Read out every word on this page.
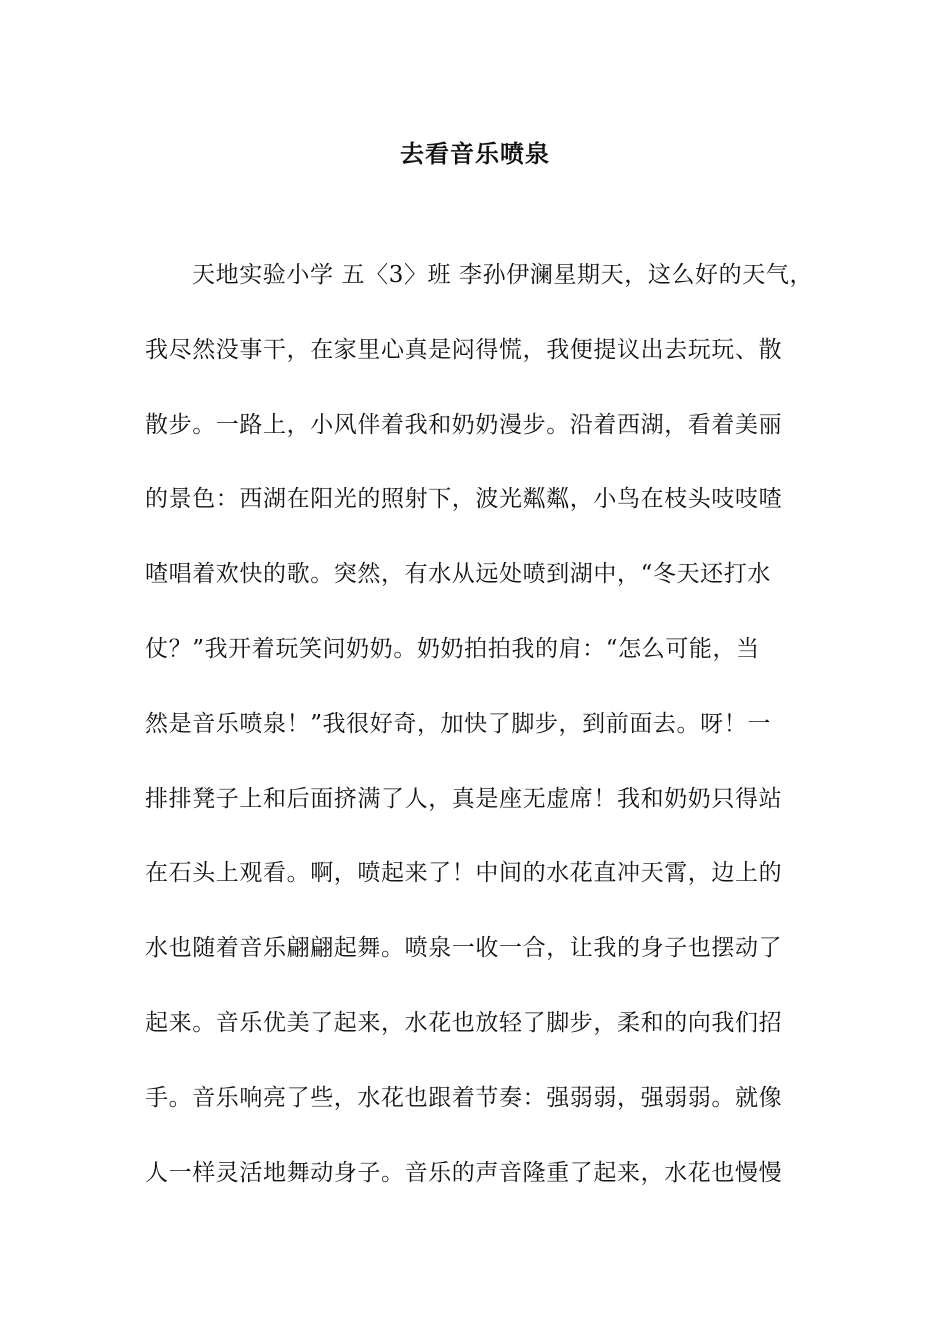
去看音乐喷泉
天地实验小学 五〈3〉班 李孙伊澜星期天，这么好的天气，
我尽然没事干，在家里心真是闷得慌，我便提议出去玩玩、散
散步。一路上，小风伴着我和奶奶漫步。沿着西湖，看着美丽
的景色：西湖在阳光的照射下，波光粼粼，小鸟在枝头吱吱喳
喳唱着欢快的歌。突然，有水从远处喷到湖中，“冬天还打水
仗？”我开着玩笑问奶奶。奶奶拍拍我的肩：“怎么可能，当
然是音乐喷泉！”我很好奇，加快了脚步，到前面去。呀！一
排排凳子上和后面挤满了人，真是座无虚席！我和奶奶只得站
在石头上观看。啊，喷起来了！中间的水花直冲天霄，边上的
水也随着音乐翩翩起舞。喷泉一收一合，让我的身子也摆动了
起来。音乐优美了起来，水花也放轻了脚步，柔和的向我们招
手。音乐响亮了些，水花也跟着节奏：强弱弱，强弱弱。就像
人一样灵活地舞动身子。音乐的声音隆重了起来，水花也慢慢
